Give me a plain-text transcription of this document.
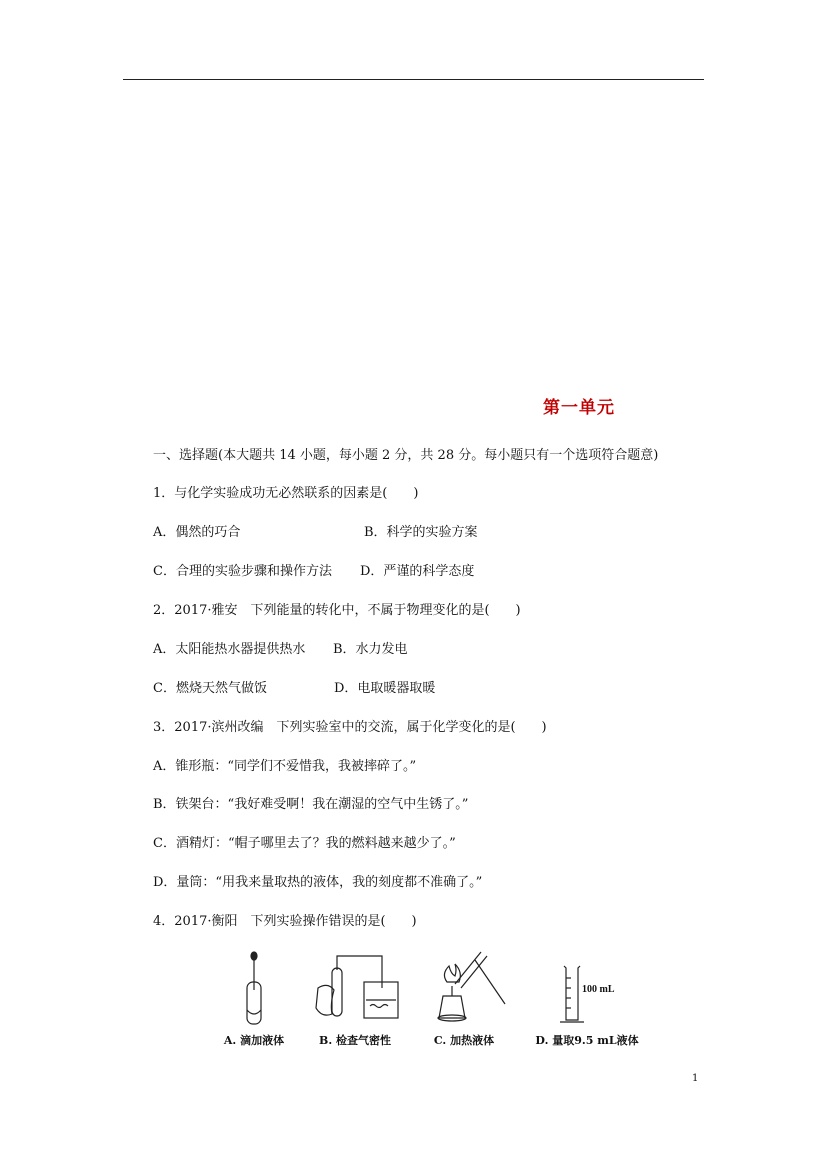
第一单元
一、选择题(本大题共 14 小题，每小题 2 分，共 28 分。每小题只有一个选项符合题意)
1．与化学实验成功无必然联系的因素是(　　)
A．偶然的巧合	B．科学的实验方案
C．合理的实验步骤和操作方法 D．严谨的科学态度
2．2017·雅安　下列能量的转化中，不属于物理变化的是(　　)
A．太阳能热水器提供热水 B．水力发电
C．燃烧天然气做饭	D．电取暖器取暖
3．2017·滨州改编　下列实验室中的交流，属于化学变化的是(　　)
A．锥形瓶：“同学们不爱惜我，我被摔碎了。”
B．铁架台：“我好难受啊！我在潮湿的空气中生锈了。”
C．酒精灯：“帽子哪里去了？我的燃料越来越少了。”
D．量筒：“用我来量取热的液体，我的刻度都不准确了。”
4．2017·衡阳　下列实验操作错误的是(　　)
A. 滴加液体	B. 检查气密性	C. 加热液体
100 mL
D. 量取9.5 mL液体
1
